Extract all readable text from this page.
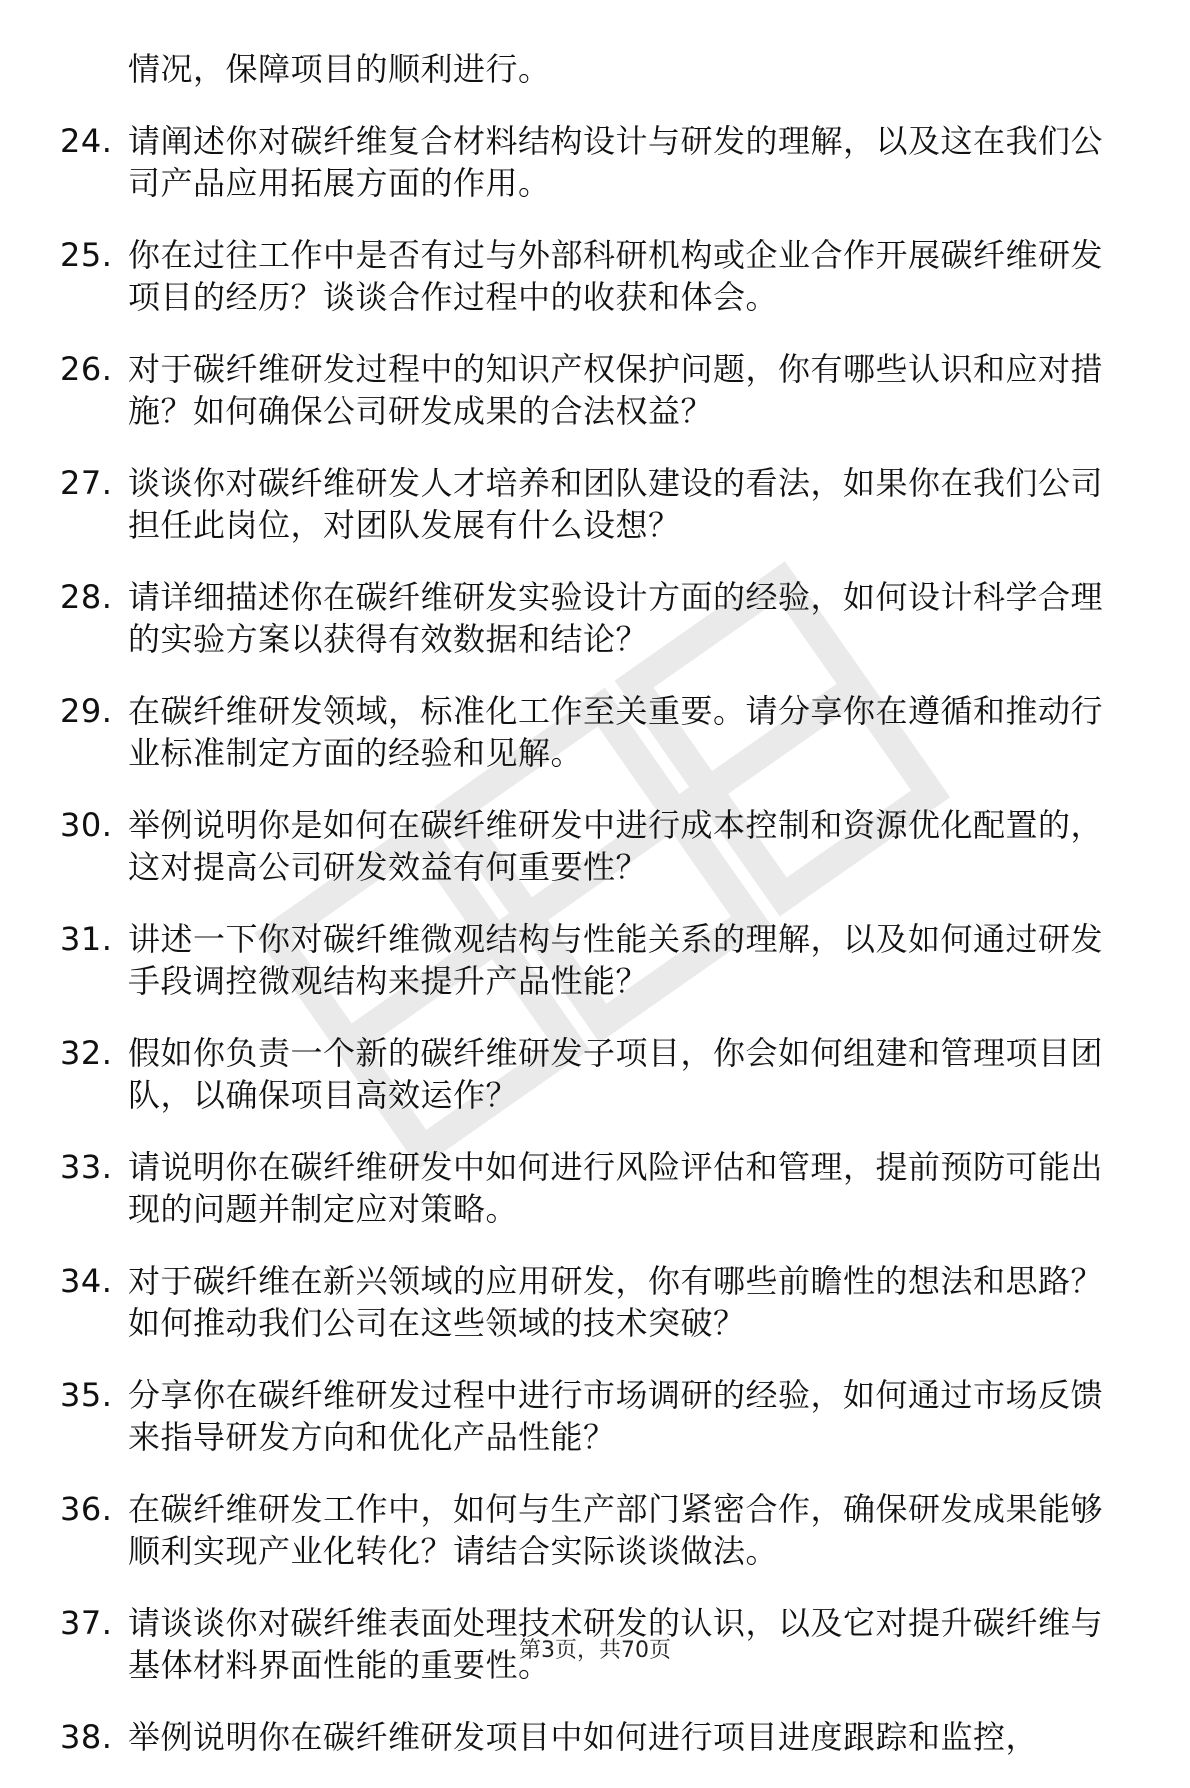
情况，保障项目的顺利进行。
24. 请阐述你对碳纤维复合材料结构设计与研发的理解，以及这在我们公司产品应用拓展方面的作用。
25. 你在过往工作中是否有过与外部科研机构或企业合作开展碳纤维研发项目的经历？谈谈合作过程中的收获和体会。
26. 对于碳纤维研发过程中的知识产权保护问题，你有哪些认识和应对措施？如何确保公司研发成果的合法权益？
27. 谈谈你对碳纤维研发人才培养和团队建设的看法，如果你在我们公司担任此岗位，对团队发展有什么设想？
28. 请详细描述你在碳纤维研发实验设计方面的经验，如何设计科学合理的实验方案以获得有效数据和结论？
29. 在碳纤维研发领域，标准化工作至关重要。请分享你在遵循和推动行业标准制定方面的经验和见解。
30. 举例说明你是如何在碳纤维研发中进行成本控制和资源优化配置的，这对提高公司研发效益有何重要性？
31. 讲述一下你对碳纤维微观结构与性能关系的理解，以及如何通过研发手段调控微观结构来提升产品性能？
32. 假如你负责一个新的碳纤维研发子项目，你会如何组建和管理项目团队，以确保项目高效运作？
33. 请说明你在碳纤维研发中如何进行风险评估和管理，提前预防可能出现的问题并制定应对策略。
34. 对于碳纤维在新兴领域的应用研发，你有哪些前瞻性的想法和思路？如何推动我们公司在这些领域的技术突破？
35. 分享你在碳纤维研发过程中进行市场调研的经验，如何通过市场反馈来指导研发方向和优化产品性能？
36. 在碳纤维研发工作中，如何与生产部门紧密合作，确保研发成果能够顺利实现产业化转化？请结合实际谈谈做法。
37. 请谈谈你对碳纤维表面处理技术研发的认识，以及它对提升碳纤维与基体材料界面性能的重要性。
38. 举例说明你在碳纤维研发项目中如何进行项目进度跟踪和监控，
第3页，共70页
